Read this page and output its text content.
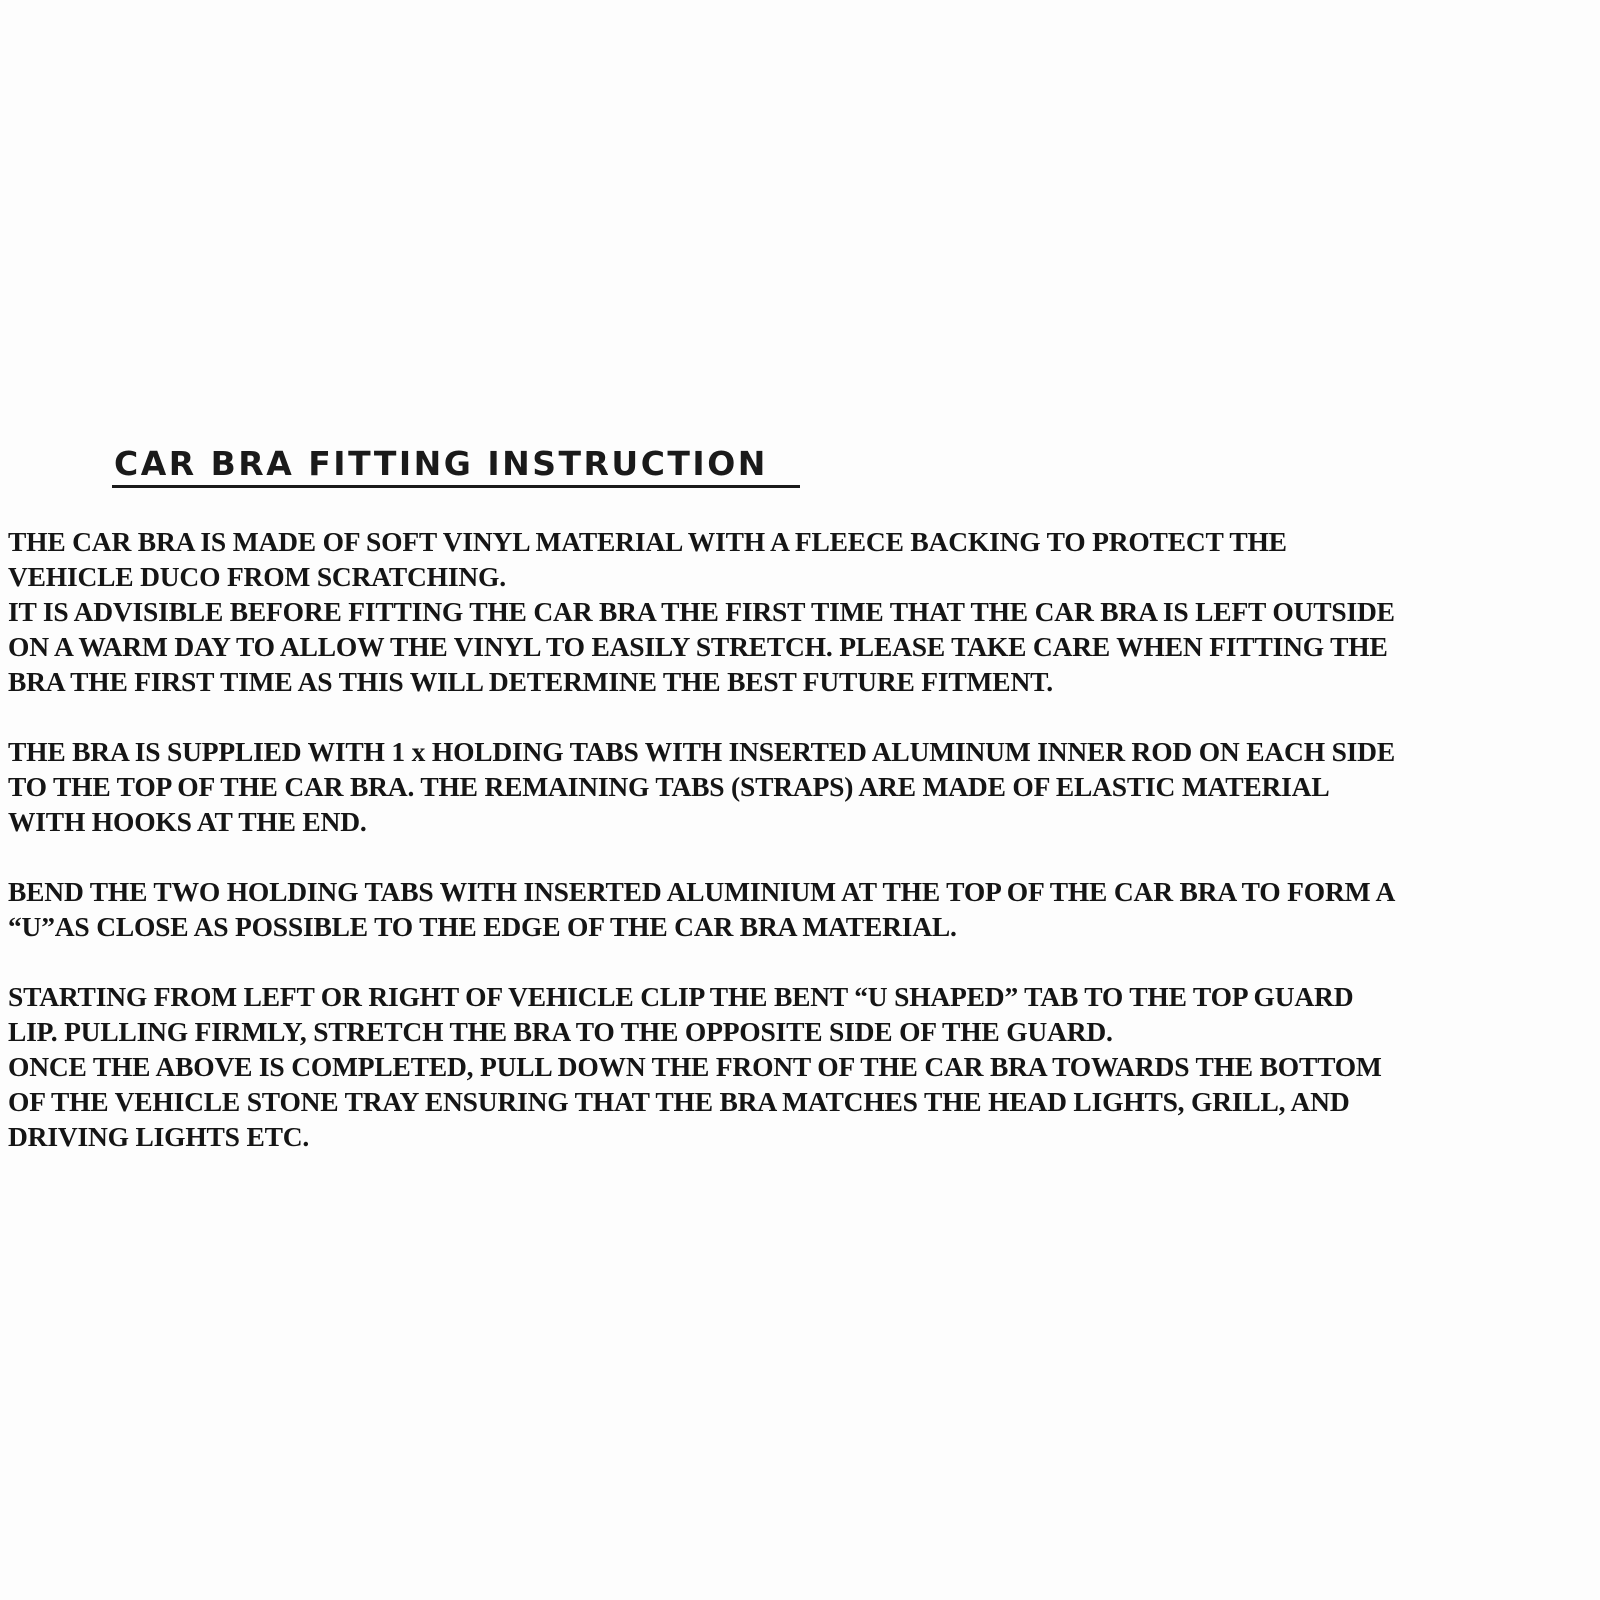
CAR BRA FITTING INSTRUCTION
THE CAR BRA IS MADE OF SOFT VINYL MATERIAL WITH A FLEECE BACKING TO PROTECT THE
VEHICLE DUCO FROM SCRATCHING.
IT IS ADVISIBLE BEFORE FITTING THE CAR BRA THE FIRST TIME THAT THE CAR BRA IS LEFT OUTSIDE
ON A WARM DAY TO ALLOW THE VINYL TO EASILY STRETCH. PLEASE TAKE CARE WHEN FITTING THE
BRA THE FIRST TIME AS THIS WILL DETERMINE THE BEST FUTURE FITMENT.
THE BRA IS SUPPLIED WITH 1 x HOLDING TABS WITH INSERTED ALUMINUM INNER ROD ON EACH SIDE
TO THE TOP OF THE CAR BRA. THE REMAINING TABS (STRAPS) ARE MADE OF ELASTIC MATERIAL
WITH HOOKS AT THE END.
BEND THE TWO HOLDING TABS WITH INSERTED ALUMINIUM AT THE TOP OF THE CAR BRA TO FORM A
“U”AS CLOSE AS POSSIBLE TO THE EDGE OF THE CAR BRA MATERIAL.
STARTING FROM LEFT OR RIGHT OF VEHICLE CLIP THE BENT “U SHAPED” TAB TO THE TOP GUARD
LIP. PULLING FIRMLY, STRETCH THE BRA TO THE OPPOSITE SIDE OF THE GUARD.
ONCE THE ABOVE IS COMPLETED, PULL DOWN THE FRONT OF THE CAR BRA TOWARDS THE BOTTOM
OF THE VEHICLE STONE TRAY ENSURING THAT THE BRA MATCHES THE HEAD LIGHTS, GRILL, AND
DRIVING LIGHTS ETC.
